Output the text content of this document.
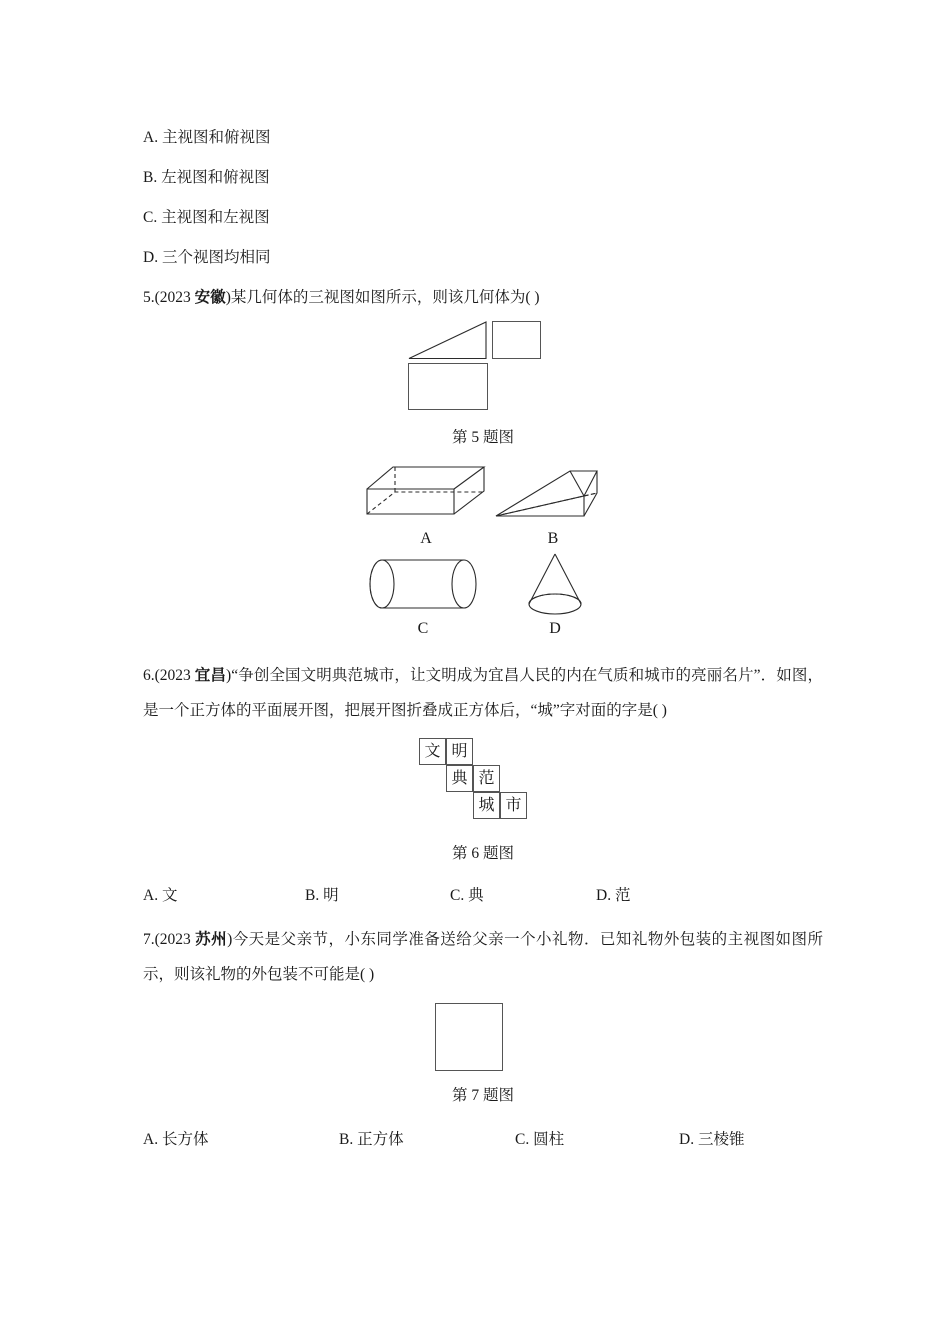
A. 主视图和俯视图
B. 左视图和俯视图
C. 主视图和左视图
D. 三个视图均相同
5.(2023 安徽)某几何体的三视图如图所示，则该几何体为( )
第 5 题图
A	B
C	D
6.(2023 宜昌)“争创全国文明典范城市，让文明成为宜昌人民的内在气质和城市的亮丽名片”．如图，是一个正方体的平面展开图，把展开图折叠成正方体后，“城”字对面的字是( )
文 明
典 范
城 市
第 6 题图
A. 文	B. 明	C. 典	D. 范
7.(2023 苏州)今天是父亲节，小东同学准备送给父亲一个小礼物．已知礼物外包装的主视图如图所示，则该礼物的外包装不可能是( )
第 7 题图
A. 长方体	B. 正方体	C. 圆柱	D. 三棱锥
